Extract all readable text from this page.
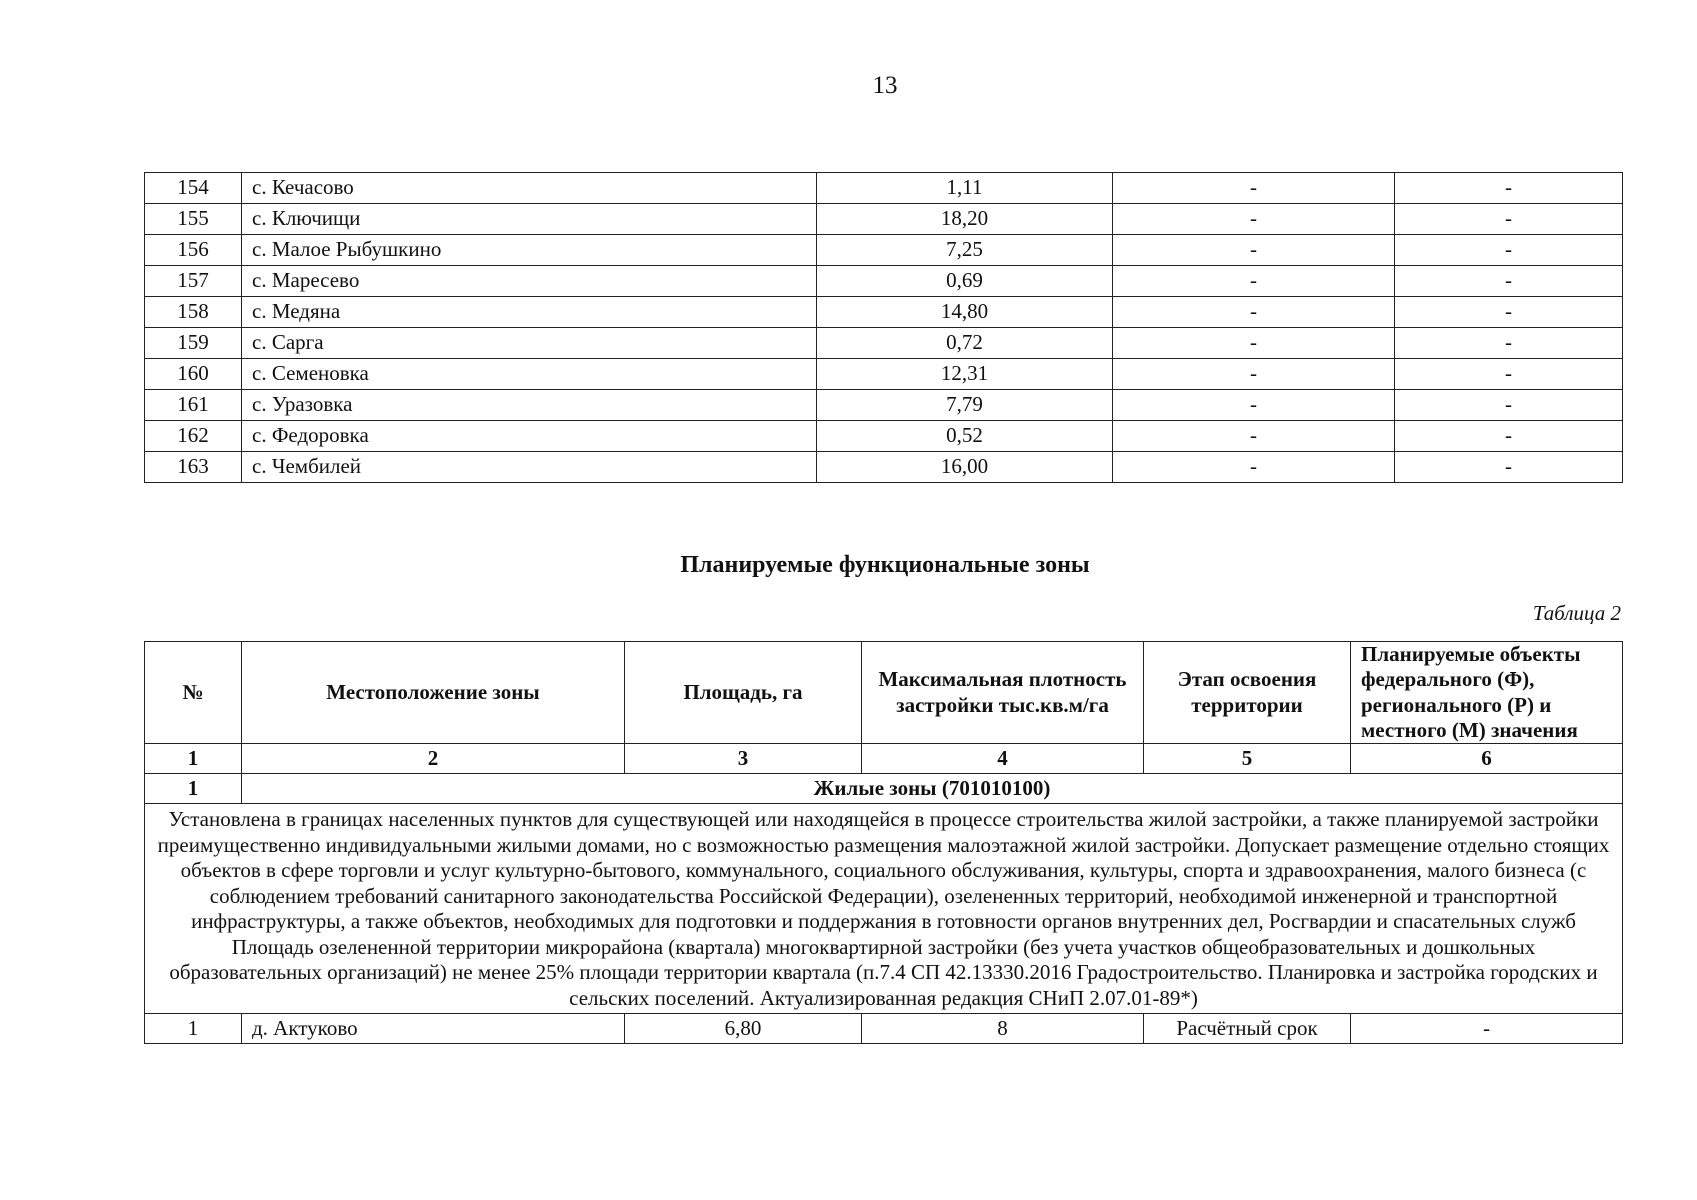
13
154	с. Кечасово	1,11	-	-
155	с. Ключищи	18,20	-	-
156	с. Малое Рыбушкино	7,25	-	-
157	с. Маресево	0,69	-	-
158	с. Медяна	14,80	-	-
159	с. Сарга	0,72	-	-
160	с. Семеновка	12,31	-	-
161	с. Уразовка	7,79	-	-
162	с. Федоровка	0,52	-	-
163	с. Чембилей	16,00	-	-
Планируемые функциональные зоны
Таблица 2
№	Местоположение зоны	Площадь, га	Максимальная плотность застройки тыс.кв.м/га	Этап освоения территории	Планируемые объекты федерального (Ф), регионального (Р) и местного (М) значения
1	2	3	4	5	6
1	Жилые зоны (701010100)				

Установлена в границах населенных пунктов для существующей или находящейся в процессе строительства жилой застройки, а также планируемой застройки преимущественно индивидуальными жилыми домами, но с возможностью размещения малоэтажной жилой застройки. Допускает размещение отдельно стоящих объектов в сфере торговли и услуг культурно-бытового, коммунального, социального обслуживания, культуры, спорта и здравоохранения, малого бизнеса (с соблюдением требований санитарного законодательства Российской Федерации), озелененных территорий, необходимой инженерной и транспортной инфраструктуры, а также объектов, необходимых для подготовки и поддержания в готовности органов внутренних дел, Росгвардии и спасательных служб
Площадь озелененной территории микрорайона (квартала) многоквартирной застройки (без учета участков общеобразовательных и дошкольных образовательных организаций) не менее 25% площади территории квартала (п.7.4 СП 42.13330.2016 Градостроительство. Планировка и застройка городских и сельских поселений. Актуализированная редакция СНиП 2.07.01-89*)					

1	д. Актуково	6,80	8	Расчётный срок	-
